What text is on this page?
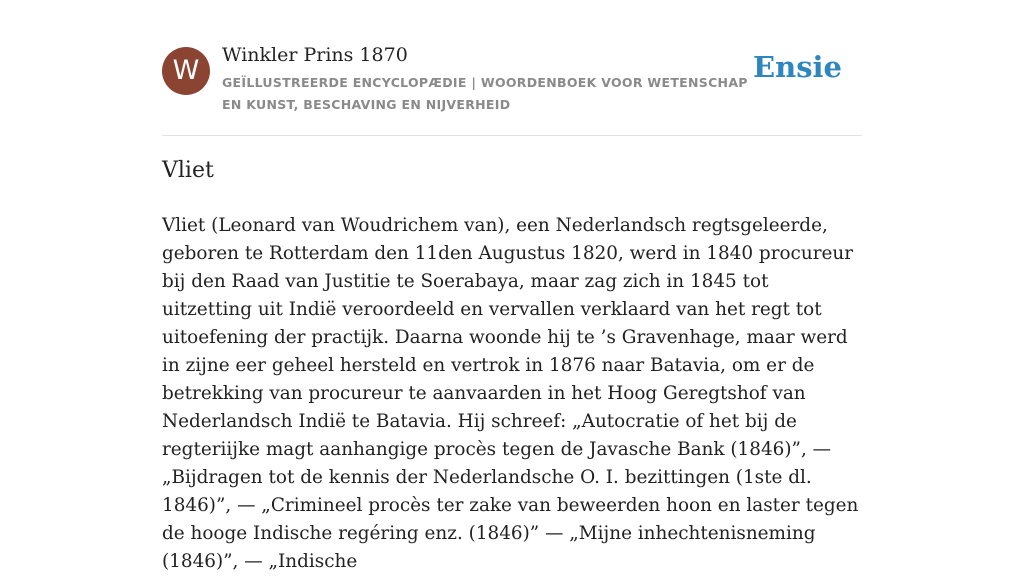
W	Winkler Prins 1870
GEÏLLUSTREERDE ENCYCLOPÆDIE | WOORDENBOEK VOOR WETENSCHAP EN KUNST, BESCHAVING EN NIJVERHEID
Ensie
Vliet

Vliet (Leonard van Woudrichem van), een Nederlandsch regtsgeleerde, geboren te Rotterdam den 11den Augustus 1820, werd in 1840 procureur bij den Raad van Justitie te Soerabaya, maar zag zich in 1845 tot uitzetting uit Indië veroordeeld en vervallen verklaard van het regt tot uitoefening der practijk. Daarna woonde hij te ’s Gravenhage, maar werd in zijne eer geheel hersteld en vertrok in 1876 naar Batavia, om er de betrekking van procureur te aanvaarden in het Hoog Geregtshof van Nederlandsch Indië te Batavia. Hij schreef: „Autocratie of het bij de regteriijke magt aanhangige procès tegen de Javasche Bank (1846)”, — „Bijdragen tot de kennis der Nederlandsche O. I. bezittingen (1ste dl. 1846)”, — „Crimineel procès ter zake van beweerden hoon en laster tegen de hooge Indische regéring enz. (1846)” — „Mijne inhechtenisneming (1846)”, — „Indische
